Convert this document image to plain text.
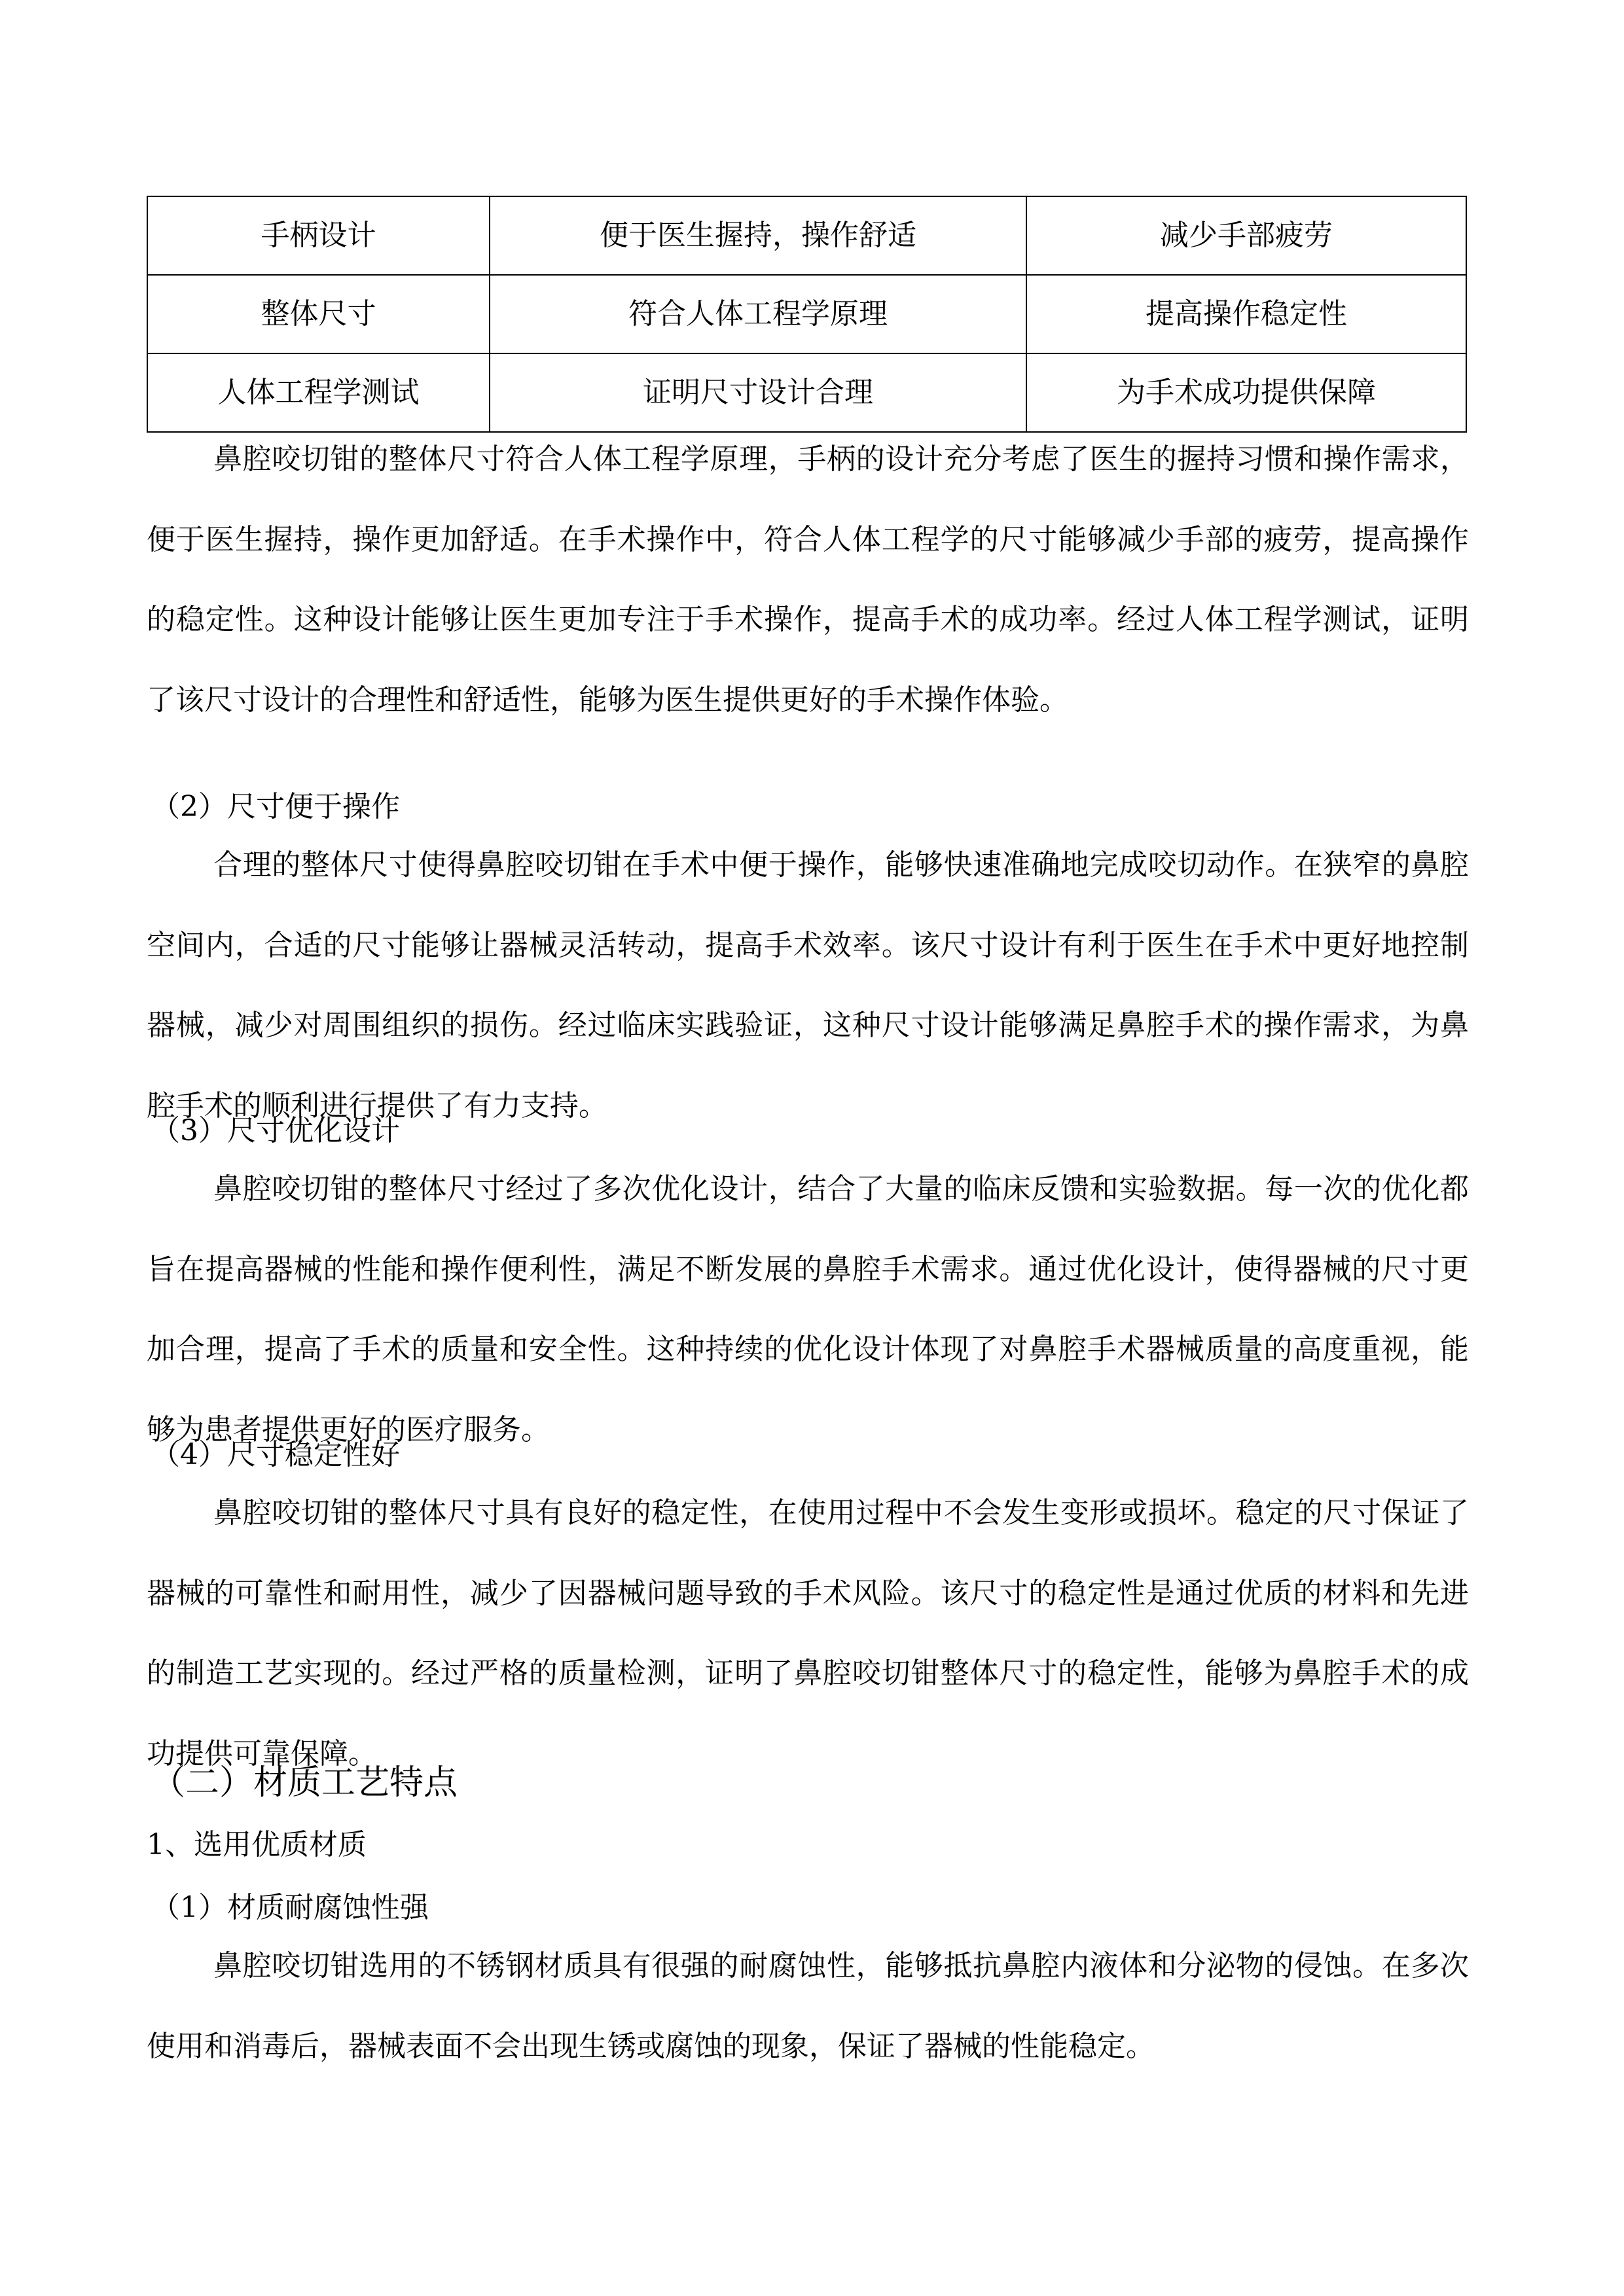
手柄设计	便于医生握持，操作舒适	减少手部疲劳
整体尺寸	符合人体工程学原理	提高操作稳定性
人体工程学测试	证明尺寸设计合理	为手术成功提供保障

鼻腔咬切钳的整体尺寸符合人体工程学原理，手柄的设计充分考虑了医生的握持习惯和操作需求，便于医生握持，操作更加舒适。在手术操作中，符合人体工程学的尺寸能够减少手部的疲劳，提高操作的稳定性。这种设计能够让医生更加专注于手术操作，提高手术的成功率。经过人体工程学测试，证明了该尺寸设计的合理性和舒适性，能够为医生提供更好的手术操作体验。

（2）尺寸便于操作

合理的整体尺寸使得鼻腔咬切钳在手术中便于操作，能够快速准确地完成咬切动作。在狭窄的鼻腔空间内，合适的尺寸能够让器械灵活转动，提高手术效率。该尺寸设计有利于医生在手术中更好地控制器械，减少对周围组织的损伤。经过临床实践验证，这种尺寸设计能够满足鼻腔手术的操作需求，为鼻腔手术的顺利进行提供了有力支持。

（3）尺寸优化设计

鼻腔咬切钳的整体尺寸经过了多次优化设计，结合了大量的临床反馈和实验数据。每一次的优化都旨在提高器械的性能和操作便利性，满足不断发展的鼻腔手术需求。通过优化设计，使得器械的尺寸更加合理，提高了手术的质量和安全性。这种持续的优化设计体现了对鼻腔手术器械质量的高度重视，能够为患者提供更好的医疗服务。

（4）尺寸稳定性好

鼻腔咬切钳的整体尺寸具有良好的稳定性，在使用过程中不会发生变形或损坏。稳定的尺寸保证了器械的可靠性和耐用性，减少了因器械问题导致的手术风险。该尺寸的稳定性是通过优质的材料和先进的制造工艺实现的。经过严格的质量检测，证明了鼻腔咬切钳整体尺寸的稳定性，能够为鼻腔手术的成功提供可靠保障。

（二）材质工艺特点
1、选用优质材质
（1）材质耐腐蚀性强

鼻腔咬切钳选用的不锈钢材质具有很强的耐腐蚀性，能够抵抗鼻腔内液体和分泌物的侵蚀。在多次使用和消毒后，器械表面不会出现生锈或腐蚀的现象，保证了器械的性能稳定。
